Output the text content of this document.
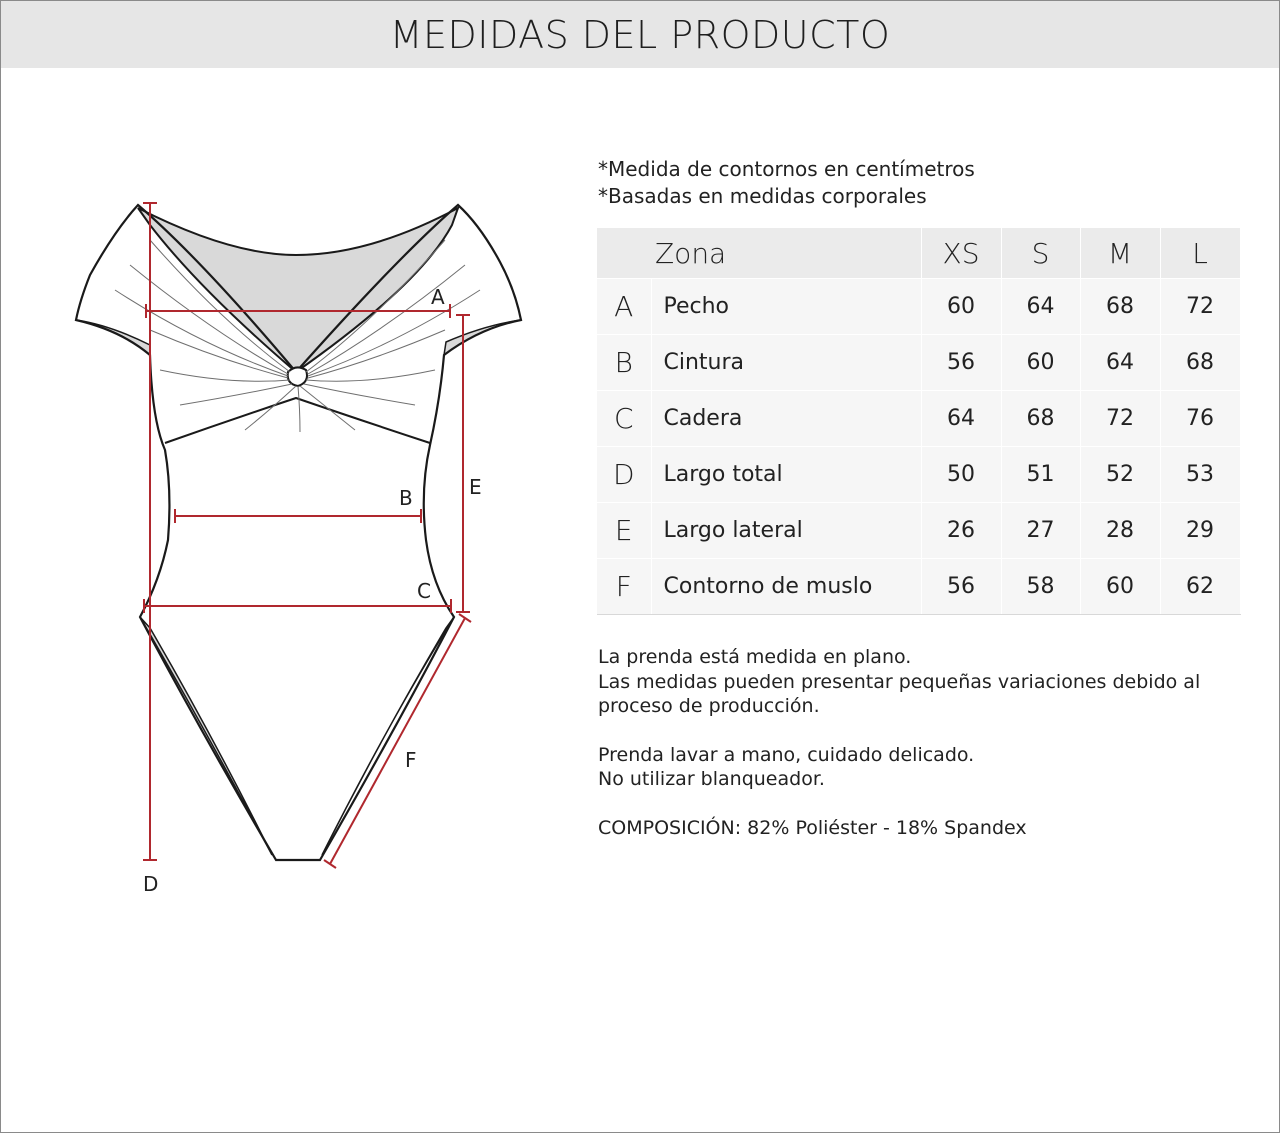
MEDIDAS DEL PRODUCTO
A
B
C
D
E
F
*Medida de contornos en centímetros
*Basadas en medidas corporales
Zona		XS	S	M	L
A	Pecho	60	64	68	72
B	Cintura	56	60	64	68
C	Cadera	64	68	72	76
D	Largo total	50	51	52	53
E	Largo lateral	26	27	28	29
F	Contorno de muslo	56	58	60	62
La prenda está medida en plano.
Las medidas pueden presentar pequeñas variaciones debido al
proceso de producción.
Prenda lavar a mano, cuidado delicado.
No utilizar blanqueador.
COMPOSICIÓN: 82% Poliéster - 18% Spandex
